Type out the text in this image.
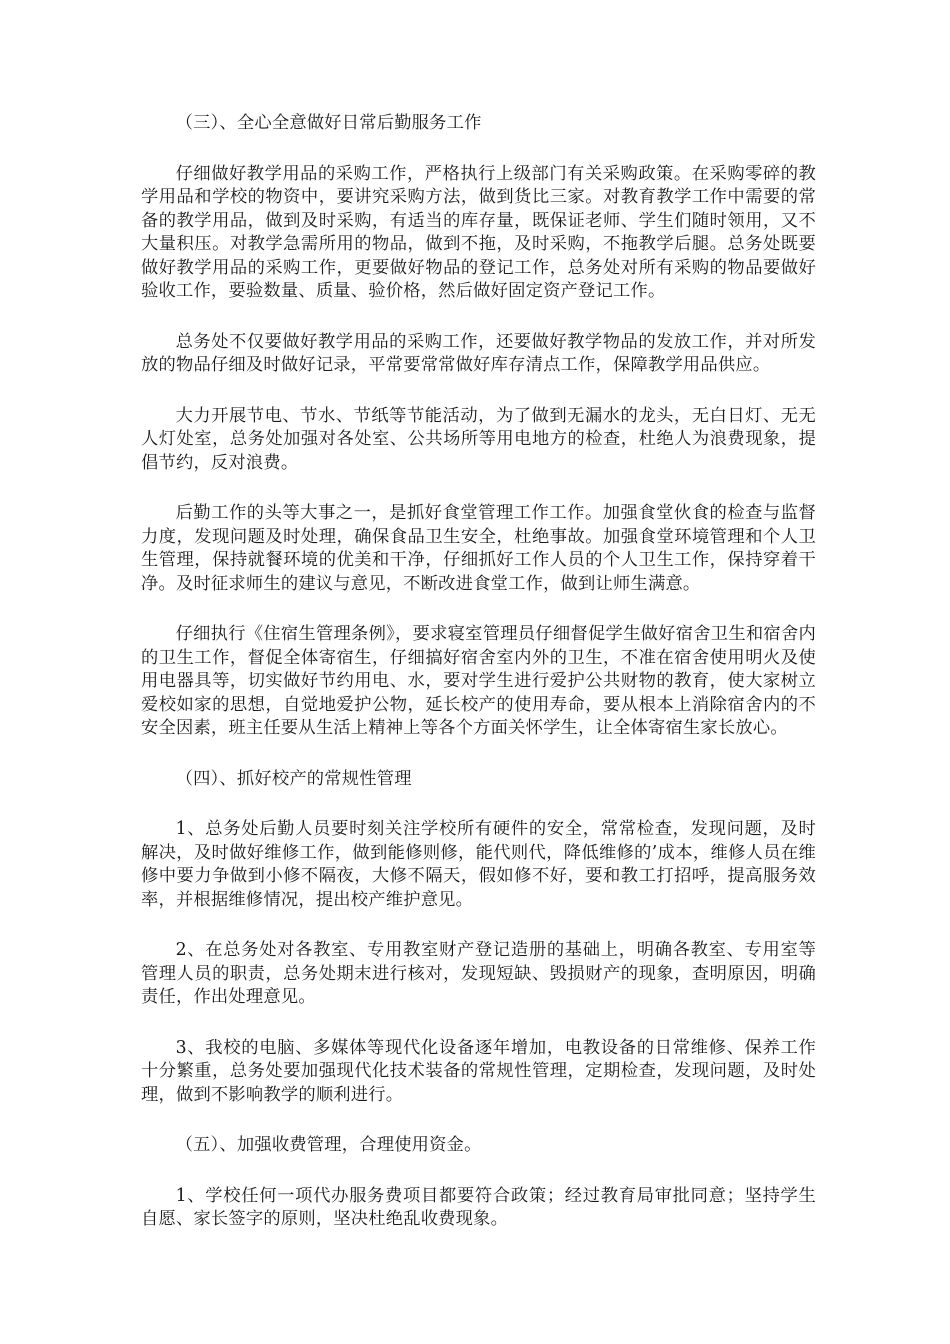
（三）、全心全意做好日常后勤服务工作

仔细做好教学用品的采购工作，严格执行上级部门有关采购政策。在采购零碎的教学用品和学校的物资中，要讲究采购方法，做到货比三家。对教育教学工作中需要的常备的教学用品，做到及时采购，有适当的库存量，既保证老师、学生们随时领用，又不大量积压。对教学急需所用的物品，做到不拖，及时采购，不拖教学后腿。总务处既要做好教学用品的采购工作，更要做好物品的登记工作，总务处对所有采购的物品要做好验收工作，要验数量、质量、验价格，然后做好固定资产登记工作。

总务处不仅要做好教学用品的采购工作，还要做好教学物品的发放工作，并对所发放的物品仔细及时做好记录，平常要常常做好库存清点工作，保障教学用品供应。

大力开展节电、节水、节纸等节能活动，为了做到无漏水的龙头，无白日灯、无无人灯处室，总务处加强对各处室、公共场所等用电地方的检查，杜绝人为浪费现象，提倡节约，反对浪费。

后勤工作的头等大事之一，是抓好食堂管理工作工作。加强食堂伙食的检查与监督力度，发现问题及时处理，确保食品卫生安全，杜绝事故。加强食堂环境管理和个人卫生管理，保持就餐环境的优美和干净，仔细抓好工作人员的个人卫生工作，保持穿着干净。及时征求师生的建议与意见，不断改进食堂工作，做到让师生满意。

仔细执行《住宿生管理条例》，要求寝室管理员仔细督促学生做好宿舍卫生和宿舍内的卫生工作，督促全体寄宿生，仔细搞好宿舍室内外的卫生，不准在宿舍使用明火及使用电器具等，切实做好节约用电、水，要对学生进行爱护公共财物的教育，使大家树立爱校如家的思想，自觉地爱护公物，延长校产的使用寿命，要从根本上消除宿舍内的不安全因素，班主任要从生活上精神上等各个方面关怀学生，让全体寄宿生家长放心。

（四）、抓好校产的常规性管理

1、总务处后勤人员要时刻关注学校所有硬件的安全，常常检查，发现问题，及时解决，及时做好维修工作，做到能修则修，能代则代，降低维修的’成本，维修人员在维修中要力争做到小修不隔夜，大修不隔天，假如修不好，要和教工打招呼，提高服务效率，并根据维修情况，提出校产维护意见。

2、在总务处对各教室、专用教室财产登记造册的基础上，明确各教室、专用室等管理人员的职责，总务处期末进行核对，发现短缺、毁损财产的现象，查明原因，明确责任，作出处理意见。

3、我校的电脑、多媒体等现代化设备逐年增加，电教设备的日常维修、保养工作十分繁重，总务处要加强现代化技术装备的常规性管理，定期检查，发现问题，及时处理，做到不影响教学的顺利进行。

（五）、加强收费管理，合理使用资金。

1、学校任何一项代办服务费项目都要符合政策；经过教育局审批同意；坚持学生自愿、家长签字的原则，坚决杜绝乱收费现象。
